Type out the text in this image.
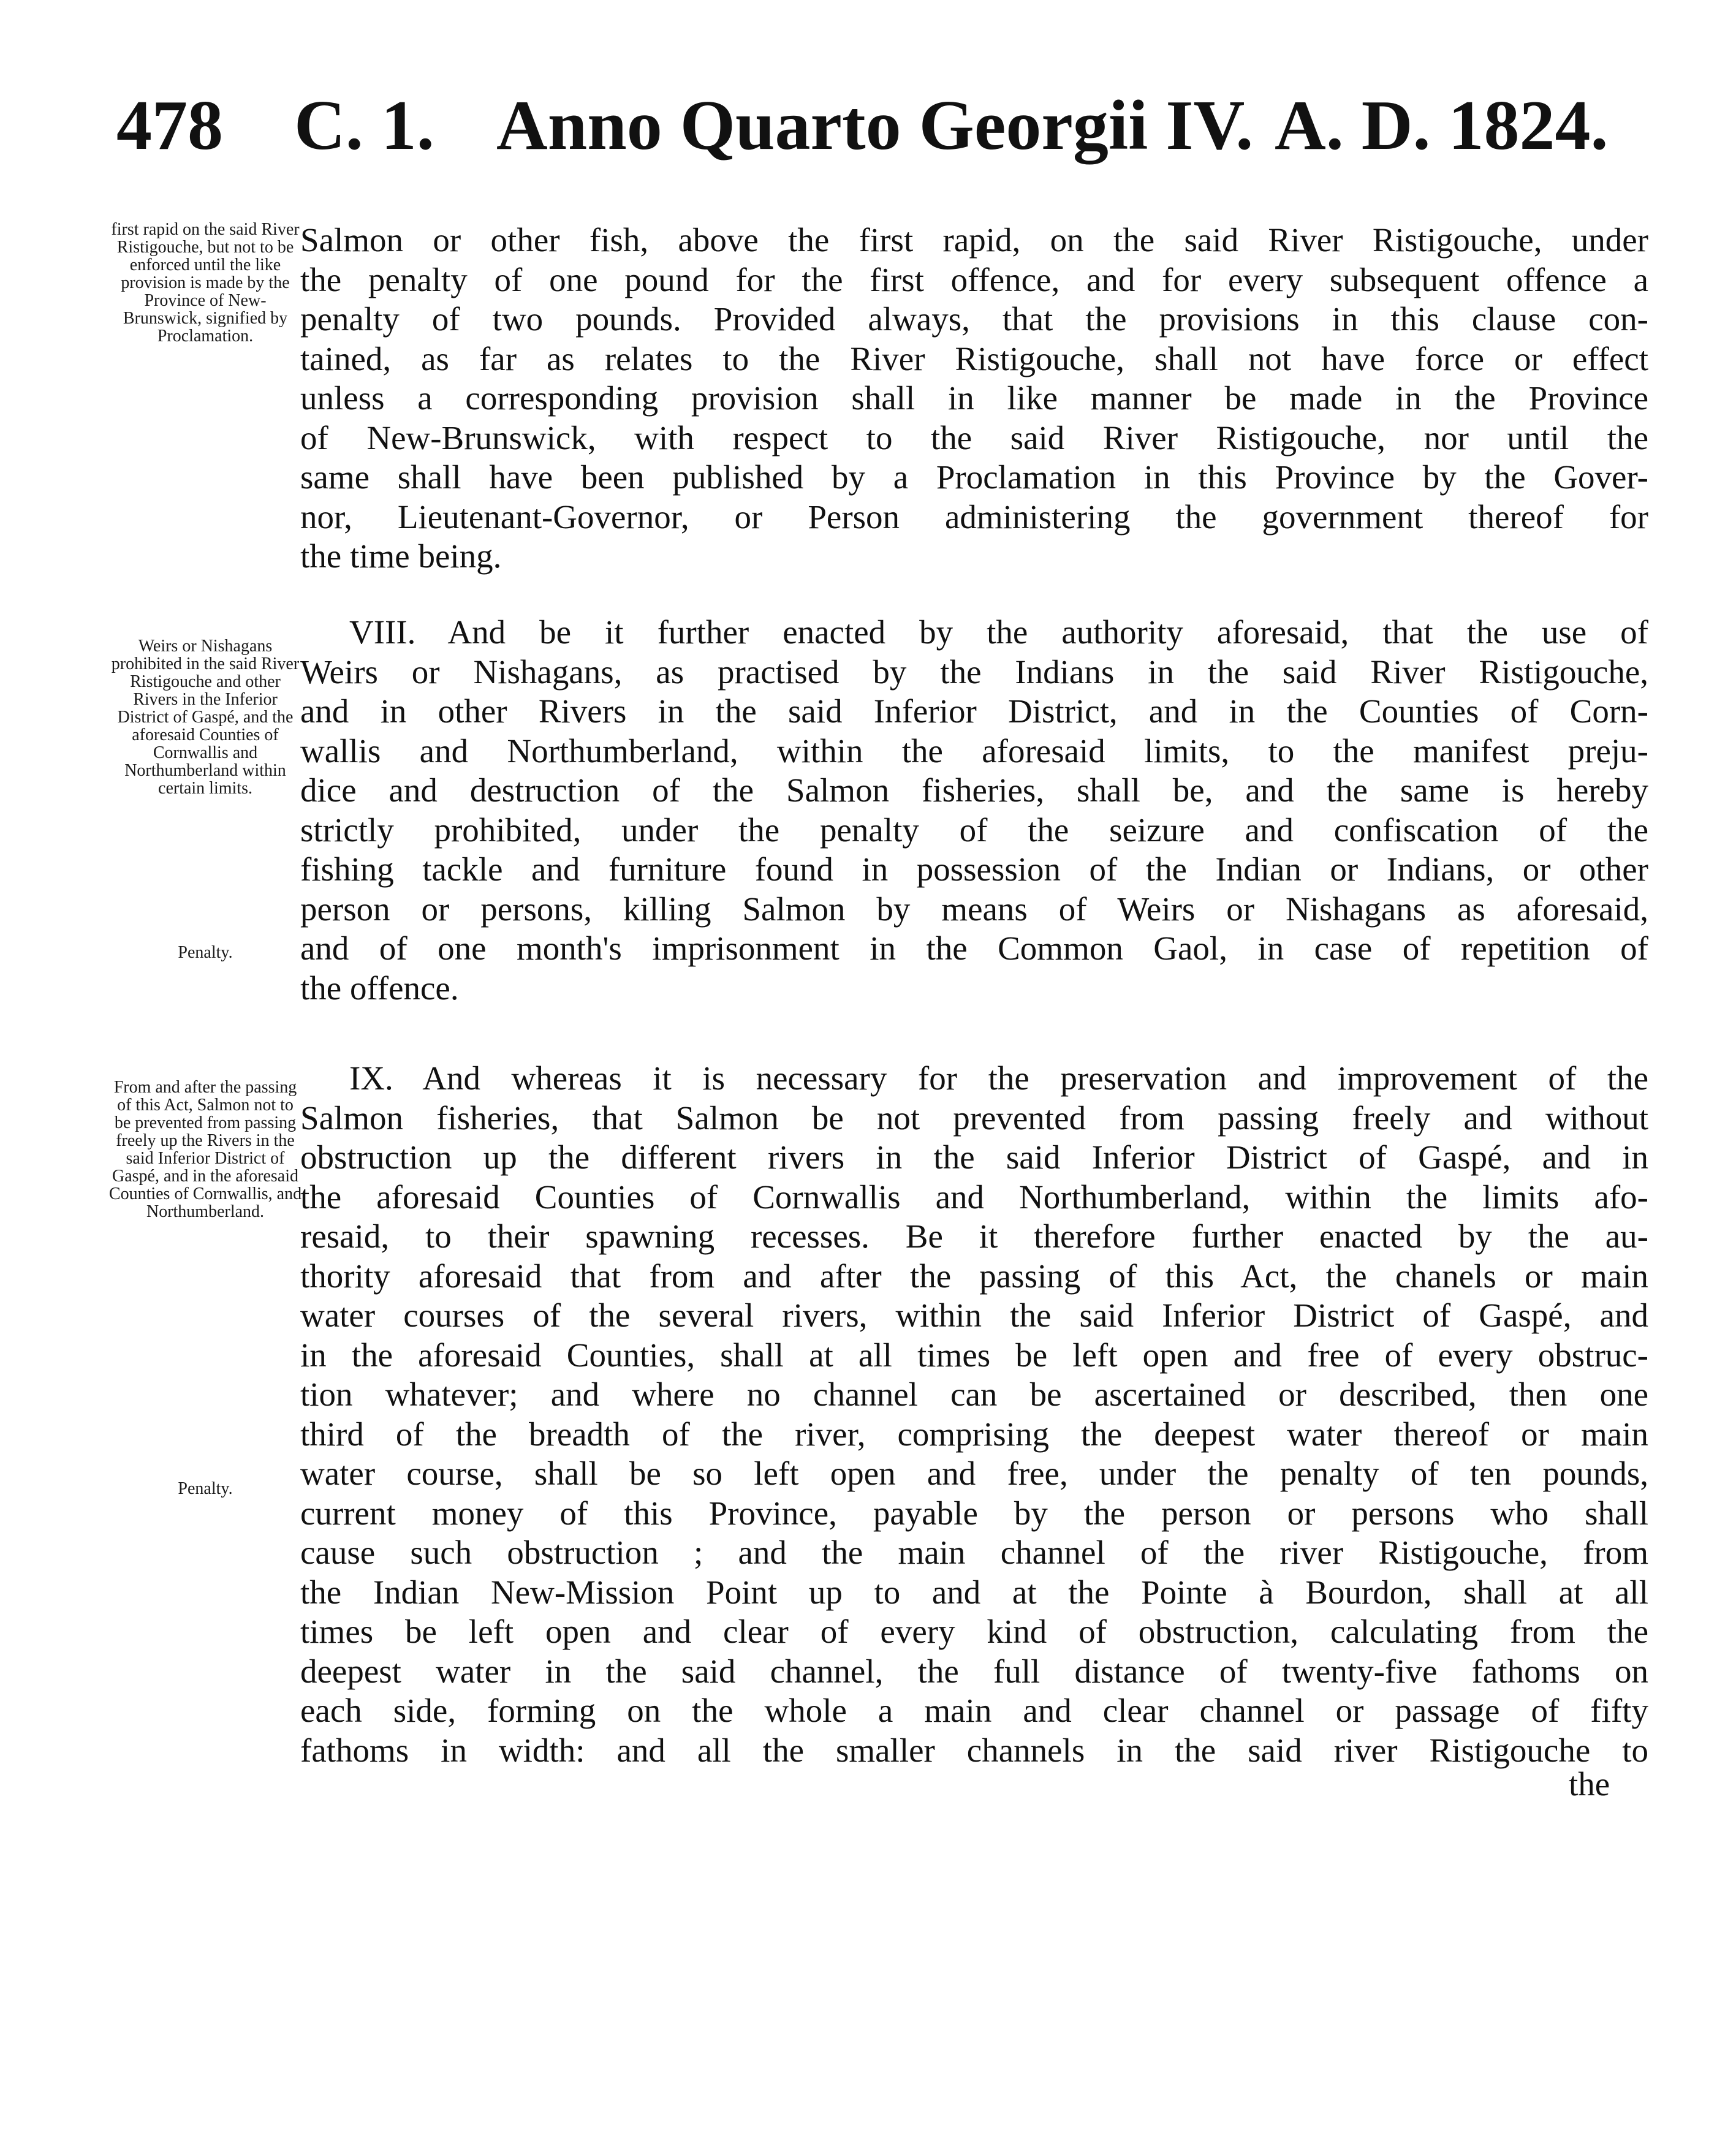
478 C. 1. Anno Quarto Georgii IV. A. D. 1824.
first rapid on the said River Ristigouche, but not to be enforced until the like provision is made by the Province of New-Brunswick, signified by Proclamation.
Weirs or Nishagans prohibited in the said River Ristigouche and other Rivers in the Inferior District of Gaspé, and the aforesaid Counties of Cornwallis and Northumberland within certain limits.
Penalty.
From and after the passing of this Act, Salmon not to be prevented from passing freely up the Rivers in the said Inferior District of Gaspé, and in the aforesaid Counties of Cornwallis, and Northumberland.
Penalty.
Salmon or other fish, above the first rapid, on the said River Ristigouche, under
the penalty of one pound for the first offence, and for every subsequent offence a
penalty of two pounds. Provided always, that the provisions in this clause con-
tained, as far as relates to the River Ristigouche, shall not have force or effect
unless a corresponding provision shall in like manner be made in the Province
of New-Brunswick, with respect to the said River Ristigouche, nor until the
same shall have been published by a Proclamation in this Province by the Gover-
nor, Lieutenant-Governor, or Person administering the government thereof for
the time being.
VIII. And be it further enacted by the authority aforesaid, that the use of
Weirs or Nishagans, as practised by the Indians in the said River Ristigouche,
and in other Rivers in the said Inferior District, and in the Counties of Corn-
wallis and Northumberland, within the aforesaid limits, to the manifest preju-
dice and destruction of the Salmon fisheries, shall be, and the same is hereby
strictly prohibited, under the penalty of the seizure and confiscation of the
fishing tackle and furniture found in possession of the Indian or Indians, or other
person or persons, killing Salmon by means of Weirs or Nishagans as aforesaid,
and of one month's imprisonment in the Common Gaol, in case of repetition of
the offence.
IX. And whereas it is necessary for the preservation and improvement of the
Salmon fisheries, that Salmon be not prevented from passing freely and without
obstruction up the different rivers in the said Inferior District of Gaspé, and in
the aforesaid Counties of Cornwallis and Northumberland, within the limits afo-
resaid, to their spawning recesses. Be it therefore further enacted by the au-
thority aforesaid that from and after the passing of this Act, the chanels or main
water courses of the several rivers, within the said Inferior District of Gaspé, and
in the aforesaid Counties, shall at all times be left open and free of every obstruc-
tion whatever; and where no channel can be ascertained or described, then one
third of the breadth of the river, comprising the deepest water thereof or main
water course, shall be so left open and free, under the penalty of ten pounds,
current money of this Province, payable by the person or persons who shall
cause such obstruction ; and the main channel of the river Ristigouche, from
the Indian New-Mission Point up to and at the Pointe à Bourdon, shall at all
times be left open and clear of every kind of obstruction, calculating from the
deepest water in the said channel, the full distance of twenty-five fathoms on
each side, forming on the whole a main and clear channel or passage of fifty
fathoms in width: and all the smaller channels in the said river Ristigouche to
the
